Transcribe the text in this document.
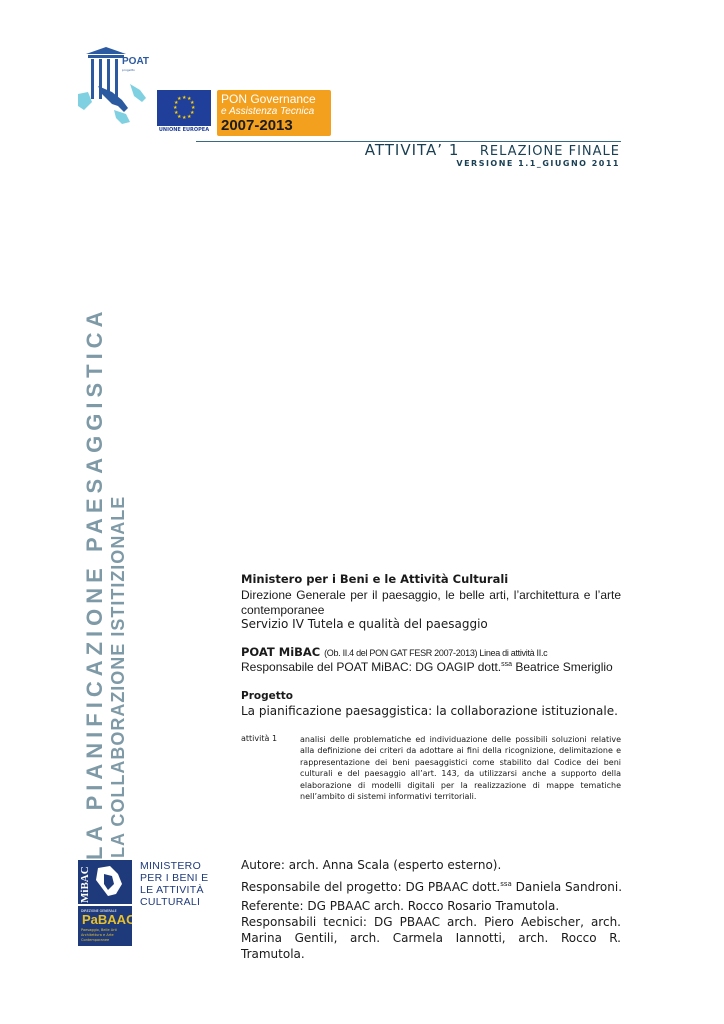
POAT
progetto
★ ★
★
★
★
★
★
★
★
★
★
★
UNIONE EUROPEA
PON Governance
e Assistenza Tecnica
2007-2013
ATTIVITA’ 1 RELAZIONE FINALE
VERSIONE 1.1_GIUGNO 2011
LA PIANIFICAZIONE PAESAGGISTICA LA COLLABORAZIONE ISTITIZIONALE
MiBAC
DIREZIONE GENERALE
PaBAAC
Paesaggio, Belle Arti
Architettura e Arte
Contemporanee
MINISTERO
PER I BENI E
LE ATTIVITÀ
CULTURALI
Ministero per i Beni e le Attività Culturali
Direzione Generale per il paesaggio, le belle arti, l’architettura e l’arte contemporanee
Servizio IV Tutela e qualità del paesaggio
POAT MiBAC (Ob. II.4 del PON GAT FESR 2007-2013) Linea di attività II.c
Responsabile del POAT MiBAC: DG OAGIP dott.$^{ssa}$ Beatrice Smeriglio
Progetto
La pianificazione paesaggistica: la collaborazione istituzionale.
attività 1	analisi delle problematiche ed individuazione delle possibili soluzioni relative alla definizione dei criteri da adottare ai fini della ricognizione, delimitazione e rappresentazione dei beni paesaggistici come stabilito dal Codice dei beni culturali e del paesaggio all’art. 143, da utilizzarsi anche a supporto della elaborazione di modelli digitali per la realizzazione di mappe tematiche nell’ambito di sistemi informativi territoriali.
Autore: arch. Anna Scala (esperto esterno).
Responsabile del progetto: DG PBAAC dott.$^{ssa}$ Daniela Sandroni.
Referente: DG PBAAC arch. Rocco Rosario Tramutola.
Responsabili tecnici: DG PBAAC arch. Piero Aebischer, arch. Marina Gentili, arch. Carmela Iannotti, arch. Rocco R. Tramutola.
